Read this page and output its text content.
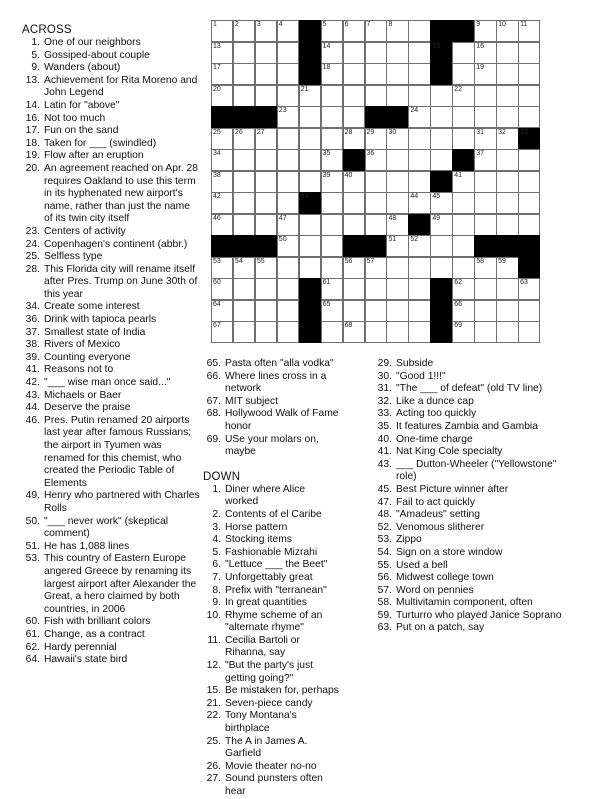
1	2	3	4	5	6	7	8	9	10 11
13	14	15	16
17	18	19
20	21	22
23	24
25 26 27	28 29 30	31 32 33
34	35	36	37
38	39 40	41
42	43	44 45
46	47	48	49
50	51 52
53 54 55	56 57	58 59
60	61	62	63
64	65	66
67	68	69
ACROSS
1. One of our neighbors
5. Gossiped-about couple
9. Wanders (about)
13. Achievement for Rita Moreno and John Legend
14. Latin for "above"
16. Not too much
17. Fun on the sand
18. Taken for ___ (swindled)
19. Flow after an eruption
20. An agreement reached on Apr. 28 requires Oakland to use this term in its hyphenated new airport's name, rather than just the name of its twin city itself
23. Centers of activity
24. Copenhagen's continent (abbr.)
25. Selfless type
28. This Florida city will rename itself after Pres. Trump on June 30th of this year
34. Create some interest
36. Drink with tapioca pearls
37. Smallest state of India
38. Rivers of Mexico
39. Counting everyone
41. Reasons not to
42. "___ wise man once said..."
43. Michaels or Baer
44. Deserve the praise
46. Pres. Putin renamed 20 airports last year after famous Russians; the airport in Tyumen was renamed for this chemist, who created the Periodic Table of Elements
49. Henry who partnered with Charles Rolls
50. "___ never work" (skeptical comment)
51. He has 1,088 lines
53. This country of Eastern Europe angered Greece by renaming its largest airport after Alexander the Great, a hero claimed by both countries, in 2006
60. Fish with brilliant colors
61. Change, as a contract
62. Hardy perennial
64. Hawaii's state bird
65. Pasta often "alla vodka"
66. Where lines cross in a network
67. MIT subject
68. Hollywood Walk of Fame honor
69. USe your molars on, maybe
DOWN
1. Diner where Alice worked
2. Contents of el Caribe
3. Horse pattern
4. Stocking items
5. Fashionable Mizrahi
6. "Lettuce ___ the Beet"
7. Unforgettably great
8. Prefix with "terranean"
9. In great quantities
10. Rhyme scheme of an "alternate rhyme"
11. Cecilia Bartoli or Rihanna, say
12. "But the party's just getting going?"
15. Be mistaken for, perhaps
21. Seven-piece candy
22. Tony Montana's birthplace
25. The A in James A. Garfield
26. Movie theater no-no
27. Sound punsters often hear
29. Subside
30. "Good 1!!!"
31. "The ___ of defeat" (old TV line)
32. Like a dunce cap
33. Acting too quickly
35. It features Zambia and Gambia
40. One-time charge
41. Nat King Cole specialty
43. ___ Dutton-Wheeler ("Yellowstone" role)
45. Best Picture winner after
47. Fail to act quickly
48. "Amadeus" setting
52. Venomous slitherer
53. Zippo
54. Sign on a store window
55. Used a bell
56. Midwest college town
57. Word on pennies
58. Multivitamin component, often
59. Turturro who played Janice Soprano
63. Put on a patch, say
